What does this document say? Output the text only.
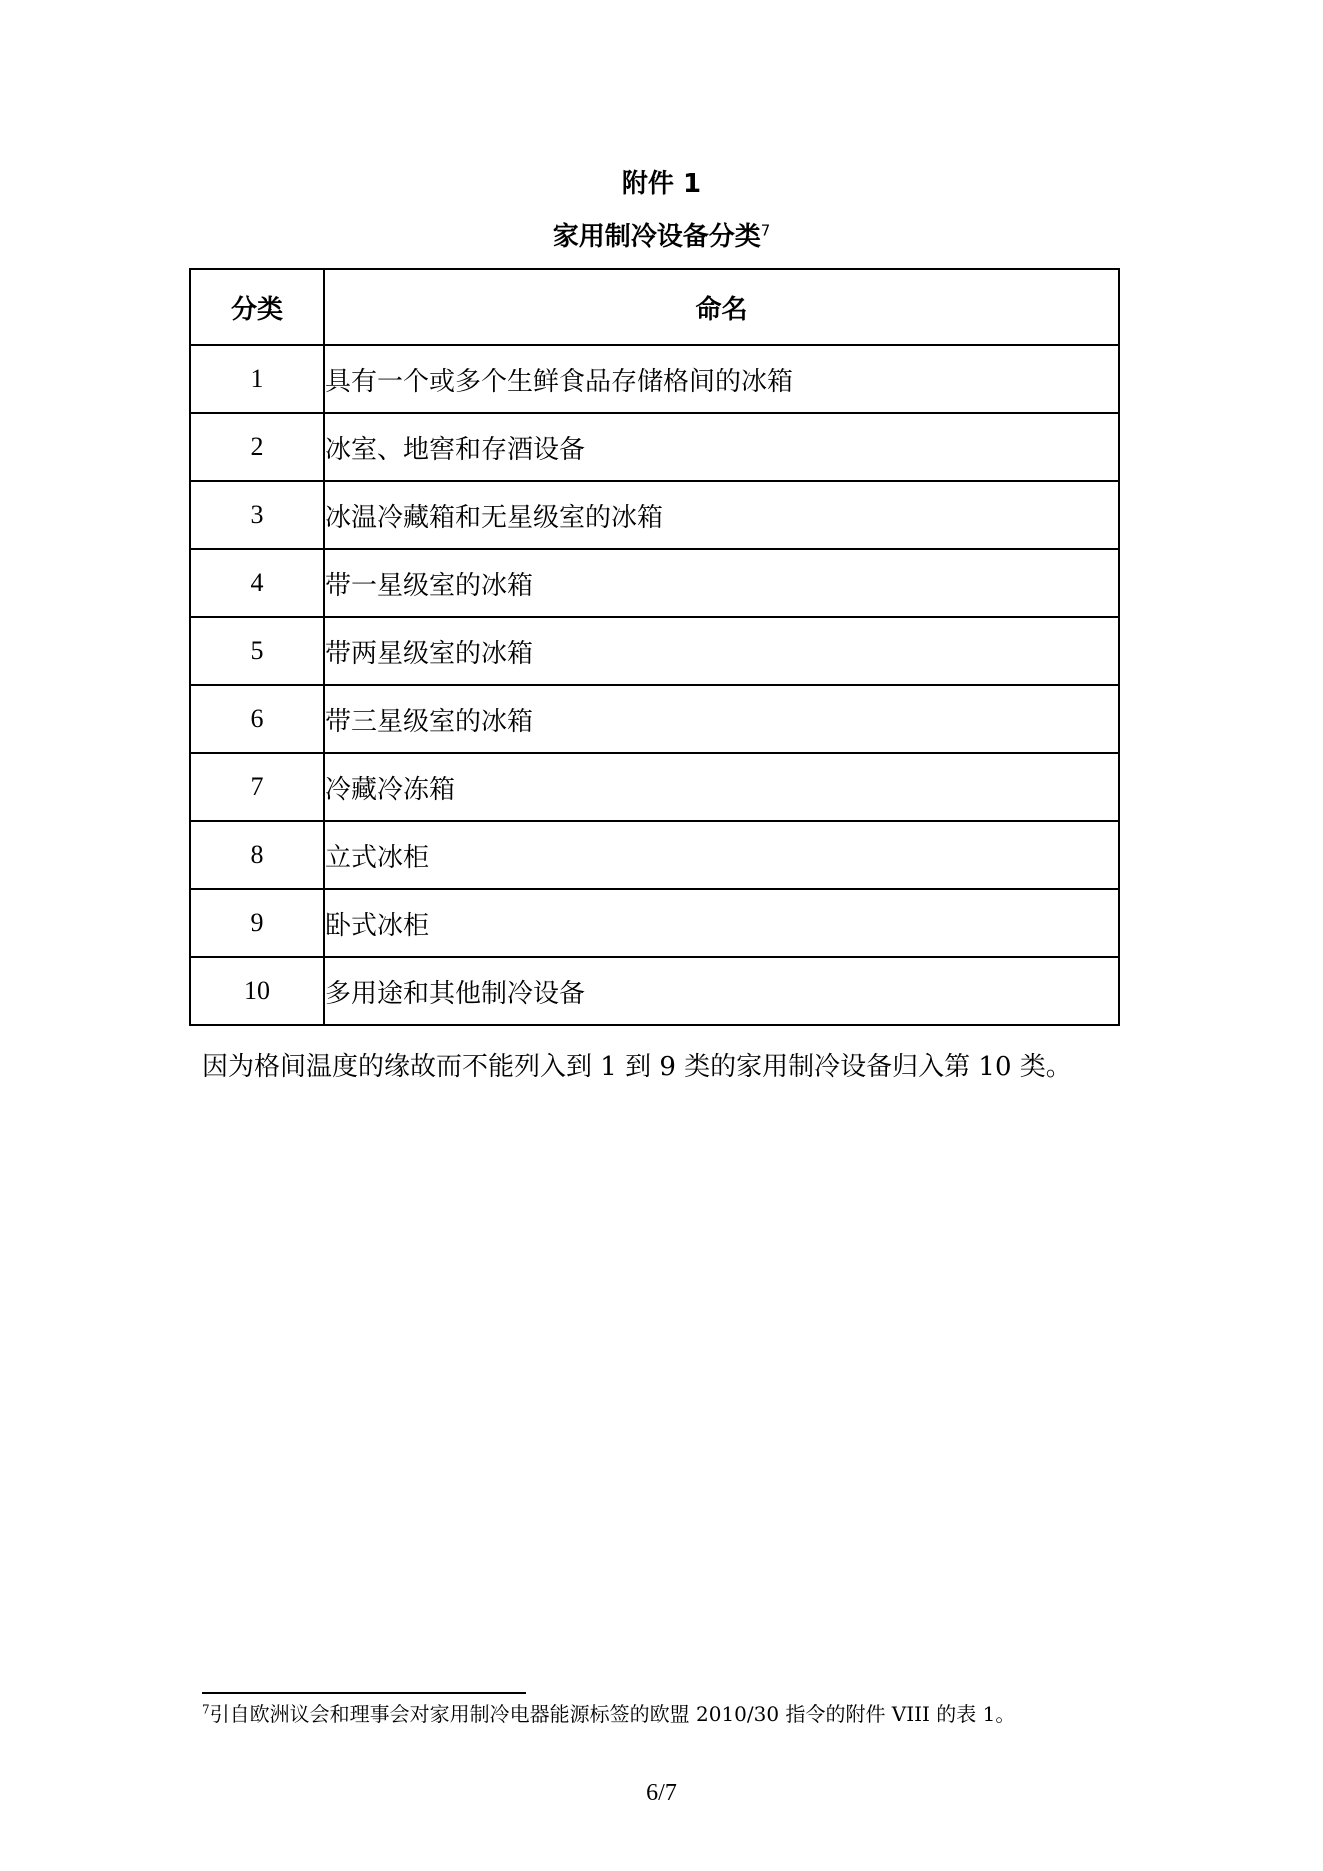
附件 1
家用制冷设备分类$^7$
分类	命名
1	具有一个或多个生鲜食品存储格间的冰箱
2	冰室、地窖和存酒设备
3	冰温冷藏箱和无星级室的冰箱
4	带一星级室的冰箱
5	带两星级室的冰箱
6	带三星级室的冰箱
7	冷藏冷冻箱
8	立式冰柜
9	卧式冰柜
10	多用途和其他制冷设备
因为格间温度的缘故而不能列入到 1 到 9 类的家用制冷设备归入第 10 类。
$^7$引自欧洲议会和理事会对家用制冷电器能源标签的欧盟 2010/30 指令的附件 VIII 的表 1。
6/7
